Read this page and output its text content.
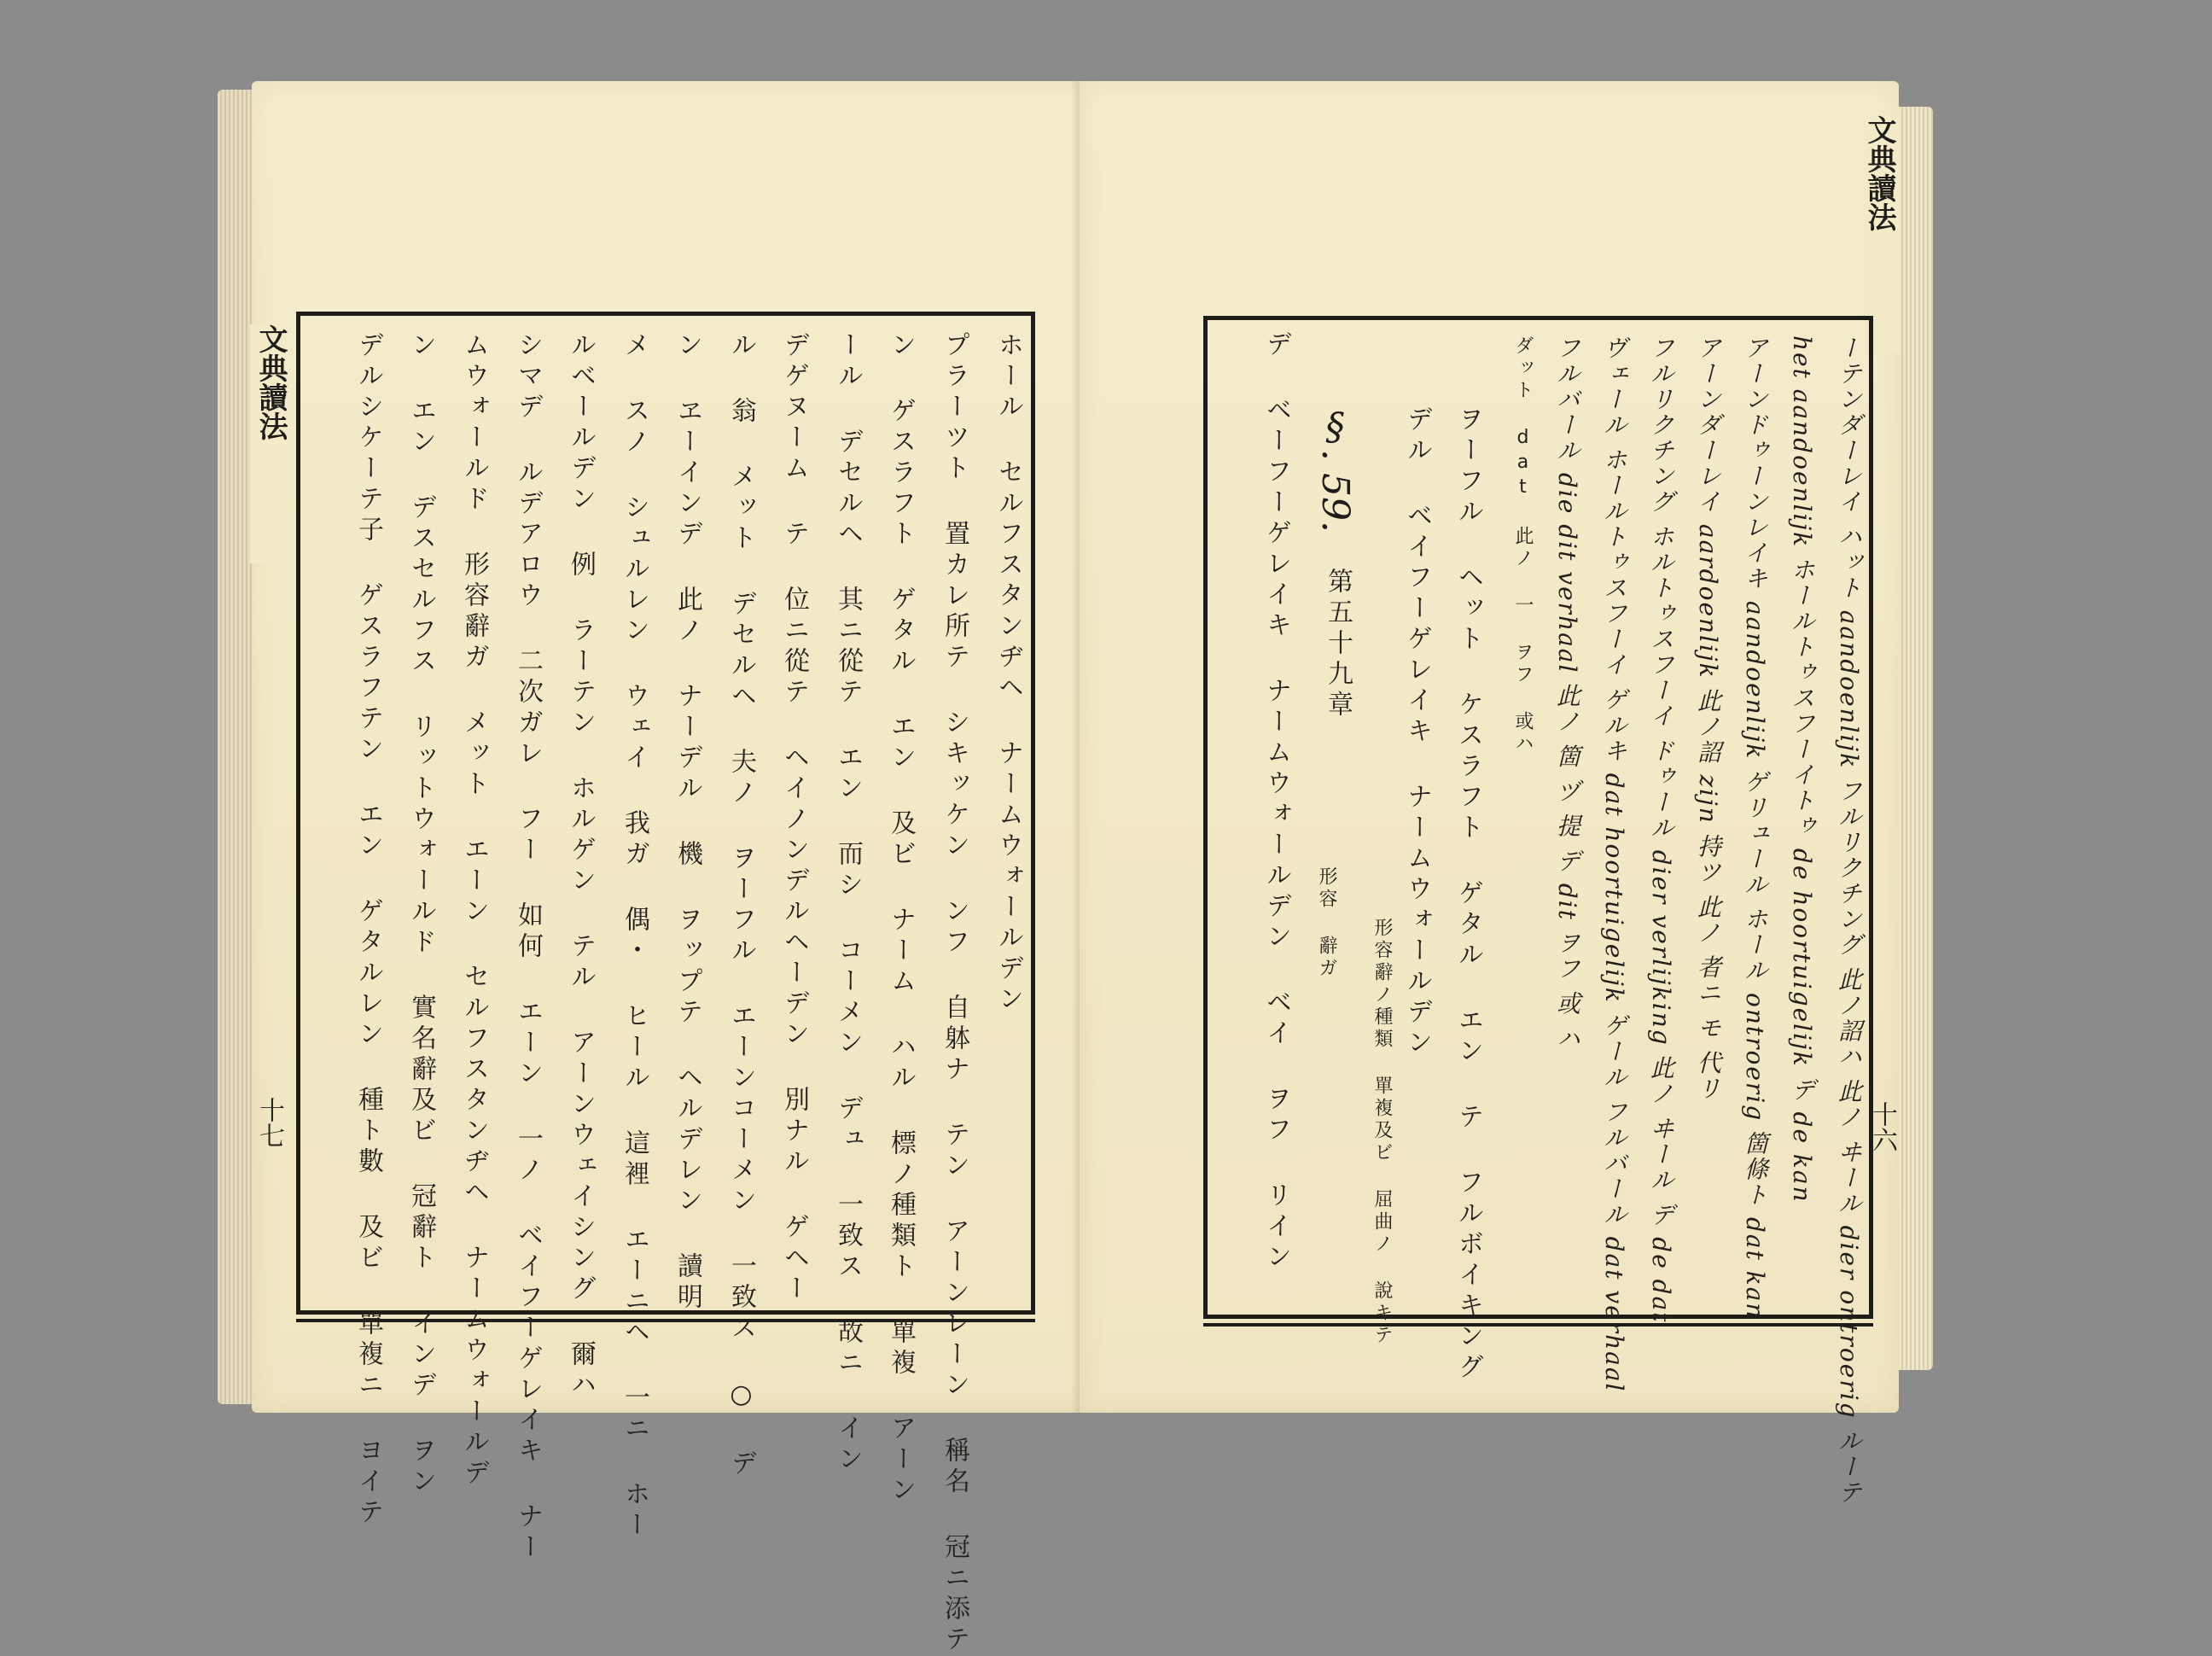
文典讀法
十七
ホール セルフスタンヂヘ ナームウォールデン
プラーツト 置カレ所テ シキッケン ンフ 自躰ナ テン アーンレーン 稱名 冠ニ添テ
ン ゲスラフト ゲタル エン 及ビ ナーム ハル 標ノ種類ト 單複 アーン
ール デセルヘ 其ニ從テ エン 而シ コーメン デュ 一致ス 故ニ イン
デゲヌーム テ 位ニ從テ ヘイノンデルヘーデン 別ナル ゲヘー
ル 翁 メット デセルヘ 夫ノ ヲーフル エーンコーメン 一致ス ○ デ
ン ヱーインデ 此ノ ナーデル 機 ヲップテ ヘルデレン 讀明
メ スノ シュルレン ウェイ 我ガ 偶・ ヒール 這裡 エーニヘ 一ニ ホー
ルベールデン 例 ラーテン ホルゲン テル アーンウェイシング 爾ハ
シマデ ルデアロウ 二次ガレ フー 如何 エーン 一ノ ベイフーゲレイキ ナー
ムウォールド 形容辭ガ メット エーン セルフスタンヂヘ ナームウォールデ
ン エン デスセルフス リットウォールド 實名辭及ビ 冠辭ト インデ ヲン
デルシケーテ子 ゲスラフテン エン ゲタルレン 種ト數 及ビ 單複ニ ヨイテ
文典讀法
十六
ーテンダーレイ ハット aandoenlijk フルリクチング 此ノ詔ハ 此ノ ヰール dier ontroerig ルーテ
het aandoenlijk ホールトゥスフーイトゥ de hoortuigelijk デ de kan
アーンドゥーンレイキ aandoenlijk ゲリュール ホール ontroerig 箇條ト dat kan
アーンダーレイ aardoenlijk 此ノ詔 zijn 持ツ 此ノ 者ニ モ 代リ
フルリクチング ホルトゥスフーイ ドゥール dier verlijking 此ノ ヰール デ de dat
ヴェール ホールトゥスフーイ ゲルキ dat hoortuigelijk ゲール フルバール dat verhaal
フルバール die dit verhaal 此ノ 箇 ヅ 提 デ dit ヲフ 或 ハ
ダット dat 此ノ 一 ヲフ 或ハ
ヲーフル ヘット ケスラフト ゲタル エン テ フルボイキング
デル ベイフーゲレイキ ナームウォールデン
形容辭ノ種類 單複及ビ 屈曲ノ 說キテ
§. 59.
第五十九章
形容 辭ガ
デ ベーフーゲレイキ ナームウォールデン ベイ ヲフ リイン
